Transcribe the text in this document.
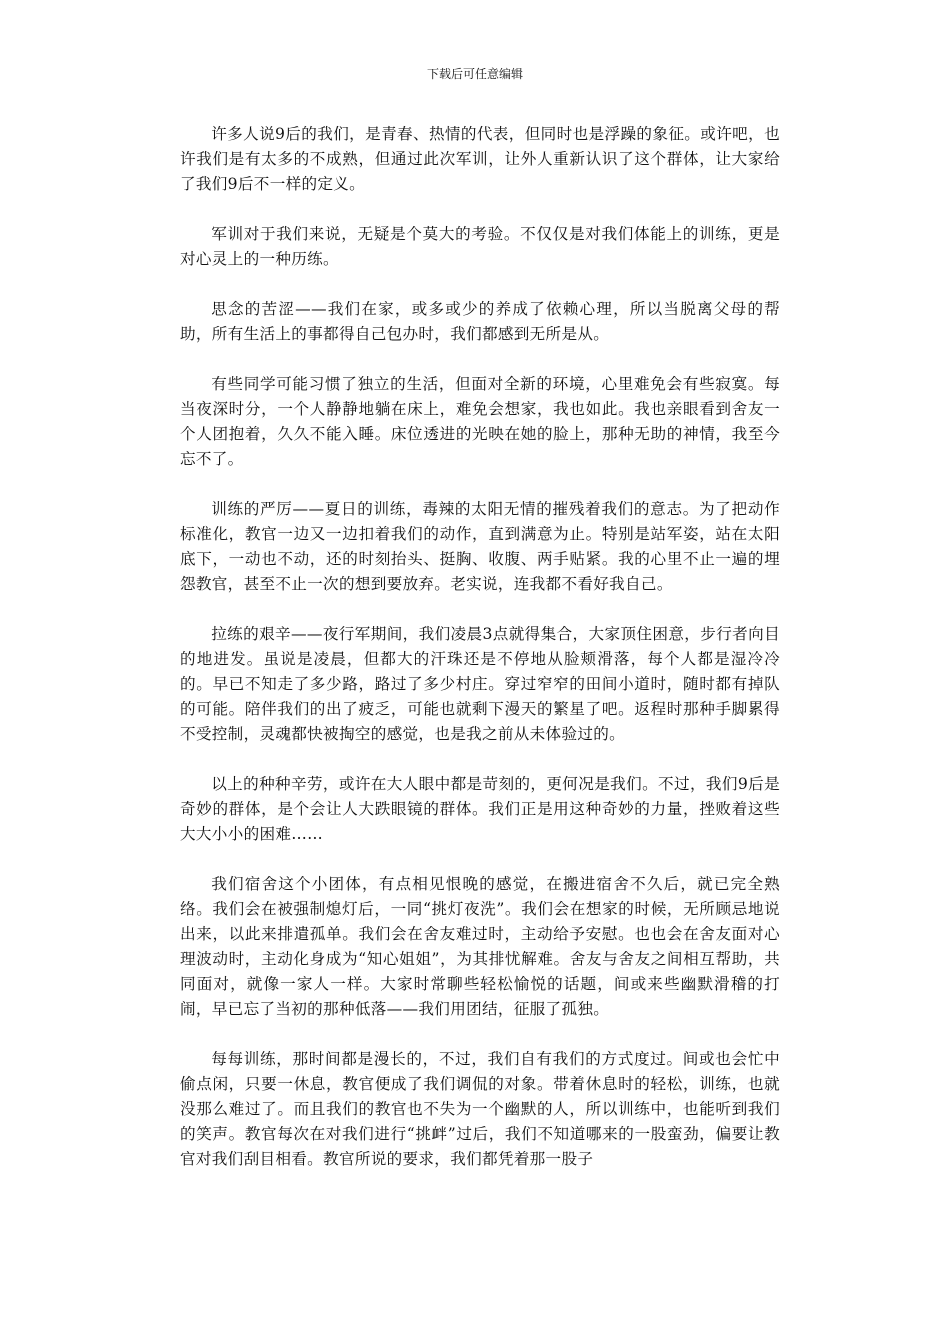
下载后可任意编辑

许多人说9后的我们，是青春、热情的代表，但同时也是浮躁的象征。或许吧，也许我们是有太多的不成熟，但通过此次军训，让外人重新认识了这个群体，让大家给了我们9后不一样的定义。

军训对于我们来说，无疑是个莫大的考验。不仅仅是对我们体能上的训练，更是对心灵上的一种历练。

思念的苦涩——我们在家，或多或少的养成了依赖心理，所以当脱离父母的帮助，所有生活上的事都得自己包办时，我们都感到无所是从。

有些同学可能习惯了独立的生活，但面对全新的环境，心里难免会有些寂寞。每当夜深时分，一个人静静地躺在床上，难免会想家，我也如此。我也亲眼看到舍友一个人团抱着，久久不能入睡。床位透进的光映在她的脸上，那种无助的神情，我至今忘不了。

训练的严厉——夏日的训练，毒辣的太阳无情的摧残着我们的意志。为了把动作标准化，教官一边又一边扣着我们的动作，直到满意为止。特别是站军姿，站在太阳底下，一动也不动，还的时刻抬头、挺胸、收腹、两手贴紧。我的心里不止一遍的埋怨教官，甚至不止一次的想到要放弃。老实说，连我都不看好我自己。

拉练的艰辛——夜行军期间，我们凌晨3点就得集合，大家顶住困意，步行者向目的地进发。虽说是凌晨，但都大的汗珠还是不停地从脸颊滑落，每个人都是湿冷冷的。早已不知走了多少路，路过了多少村庄。穿过窄窄的田间小道时，随时都有掉队的可能。陪伴我们的出了疲乏，可能也就剩下漫天的繁星了吧。返程时那种手脚累得不受控制，灵魂都快被掏空的感觉，也是我之前从未体验过的。

以上的种种辛劳，或许在大人眼中都是苛刻的，更何况是我们。不过，我们9后是奇妙的群体，是个会让人大跌眼镜的群体。我们正是用这种奇妙的力量，挫败着这些大大小小的困难……

我们宿舍这个小团体，有点相见恨晚的感觉，在搬进宿舍不久后，就已完全熟络。我们会在被强制熄灯后，一同“挑灯夜洗”。我们会在想家的时候，无所顾忌地说出来，以此来排遣孤单。我们会在舍友难过时，主动给予安慰。也也会在舍友面对心理波动时，主动化身成为“知心姐姐”，为其排忧解难。舍友与舍友之间相互帮助，共同面对，就像一家人一样。大家时常聊些轻松愉悦的话题，间或来些幽默滑稽的打闹，早已忘了当初的那种低落——我们用团结，征服了孤独。

每每训练，那时间都是漫长的，不过，我们自有我们的方式度过。间或也会忙中偷点闲，只要一休息，教官便成了我们调侃的对象。带着休息时的轻松，训练，也就没那么难过了。而且我们的教官也不失为一个幽默的人，所以训练中，也能听到我们的笑声。教官每次在对我们进行“挑衅”过后，我们不知道哪来的一股蛮劲，偏要让教官对我们刮目相看。教官所说的要求，我们都凭着那一股子
